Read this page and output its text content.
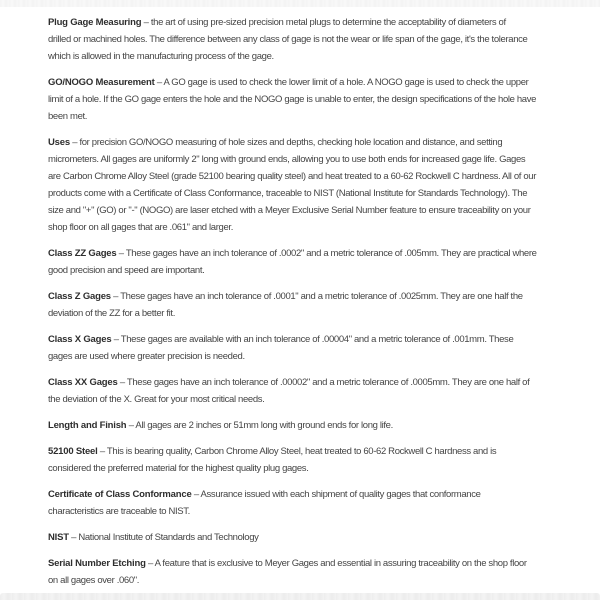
Plug Gage Measuring – the art of using pre-sized precision metal plugs to determine the acceptability of diameters of
drilled or machined holes. The difference between any class of gage is not the wear or life span of the gage, it's the tolerance
which is allowed in the manufacturing process of the gage.

GO/NOGO Measurement – A GO gage is used to check the lower limit of a hole. A NOGO gage is used to check the upper
limit of a hole. If the GO gage enters the hole and the NOGO gage is unable to enter, the design specifications of the hole have
been met.

Uses – for precision GO/NOGO measuring of hole sizes and depths, checking hole location and distance, and setting
micrometers. All gages are uniformly 2" long with ground ends, allowing you to use both ends for increased gage life. Gages
are Carbon Chrome Alloy Steel (grade 52100 bearing quality steel) and heat treated to a 60-62 Rockwell C hardness. All of our
products come with a Certificate of Class Conformance, traceable to NIST (National Institute for Standards Technology). The
size and "+" (GO) or "-" (NOGO) are laser etched with a Meyer Exclusive Serial Number feature to ensure traceability on your
shop floor on all gages that are .061" and larger.

Class ZZ Gages – These gages have an inch tolerance of .0002" and a metric tolerance of .005mm. They are practical where
good precision and speed are important.

Class Z Gages – These gages have an inch tolerance of .0001" and a metric tolerance of .0025mm. They are one half the
deviation of the ZZ for a better fit.

Class X Gages – These gages are available with an inch tolerance of .00004" and a metric tolerance of .001mm. These
gages are used where greater precision is needed.

Class XX Gages – These gages have an inch tolerance of .00002" and a metric tolerance of .0005mm. They are one half of
the deviation of the X. Great for your most critical needs.

Length and Finish – All gages are 2 inches or 51mm long with ground ends for long life.

52100 Steel – This is bearing quality, Carbon Chrome Alloy Steel, heat treated to 60-62 Rockwell C hardness and is
considered the preferred material for the highest quality plug gages.

Certificate of Class Conformance – Assurance issued with each shipment of quality gages that conformance
characteristics are traceable to NIST.

NIST – National Institute of Standards and Technology

Serial Number Etching – A feature that is exclusive to Meyer Gages and essential in assuring traceability on the shop floor
on all gages over .060".
